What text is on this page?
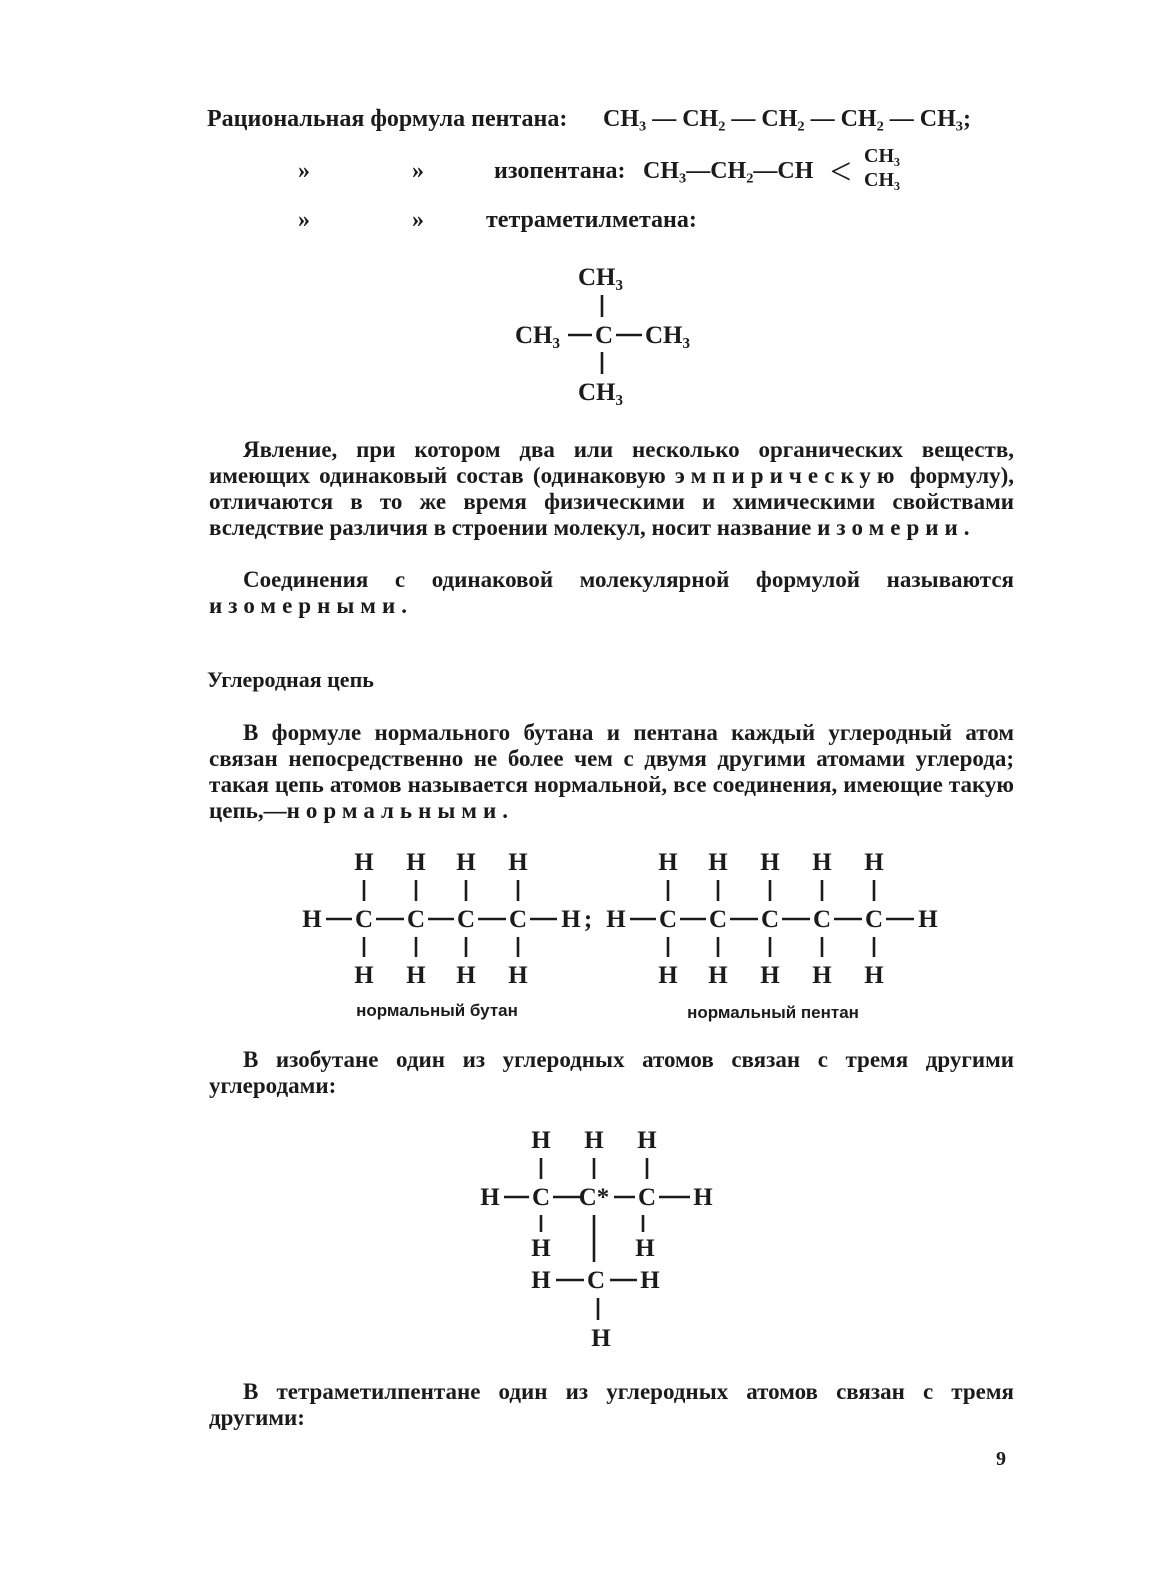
Рациональная формула пентана: CH₃ — CH₂ — CH₂ — CH₂ — CH₃;
»	»	изопентана: CH₃—CH₂—CH < CH₃
CH₃
»	»	тетраметилметана:
CH₃
CH₃ C CH₃
CH₃
Явление, при котором два или несколько органических веществ, имеющих одинаковый состав (одинаковую эмпирическую формулу), отличаются в то же время физическими и химическими свойствами вследствие различия в строении молекул, носит название изомерии.
Соединения с одинаковой молекулярной формулой называются изомерными.
Углеродная цепь
В формуле нормального бутана и пентана каждый углеродный атом связан непосредственно не более чем с двумя другими атомами углерода; такая цепь атомов называется нормальной, все соединения, имеющие такую цепь,—нормальными.
H
H
C
H
H
C
H
H
C
H
H
C
H
H ; H
H
C
H
H
C
H
H
C
H
H
C
H
H
C
H
H
нормальный бутан	нормальный пентан
В изобутане один из углеродных атомов связан с тремя другими углеродами:
H
H
C
H
C*
H
C H
H	H
H C H
H
В тетраметилпентане один из углеродных атомов связан с тремя другими:
9
